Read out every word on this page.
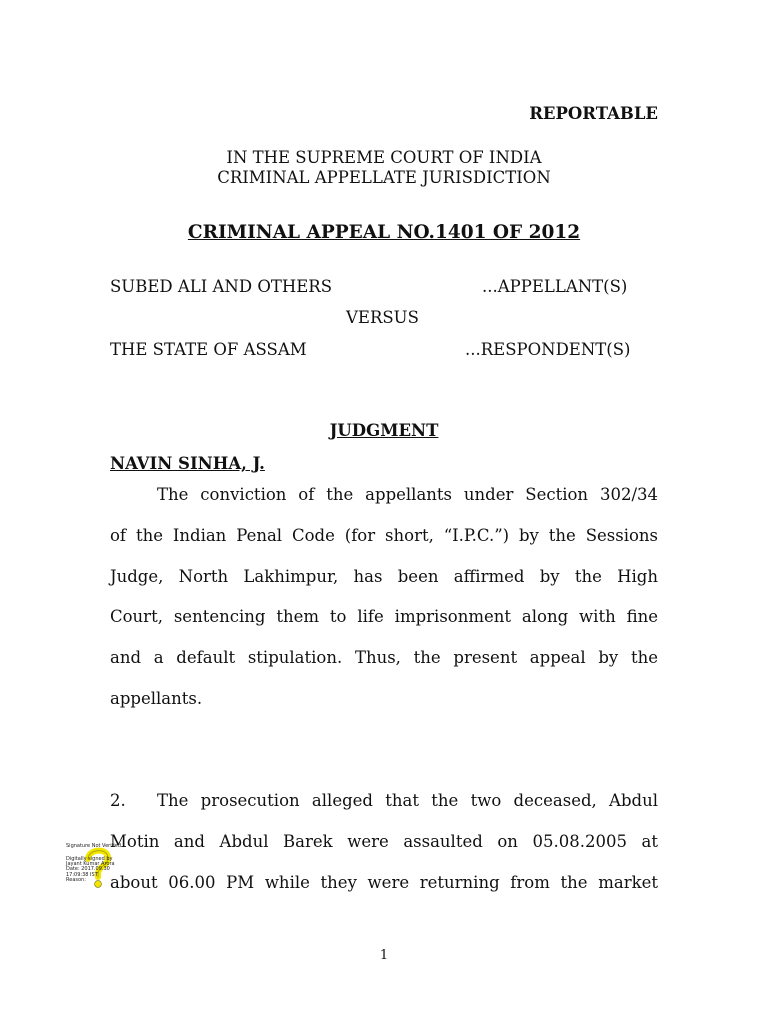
REPORTABLE
IN THE SUPREME COURT OF INDIA
CRIMINAL APPELLATE JURISDICTION
CRIMINAL APPEAL NO.1401 OF 2012
SUBED ALI AND OTHERS	...APPELLANT(S)
VERSUS
THE STATE OF ASSAM	...RESPONDENT(S)
JUDGMENT
NAVIN SINHA, J.
The conviction of the appellants under Section 302/34
of the Indian Penal Code (for short, “I.P.C.”) by the Sessions
Judge, North Lakhimpur, has been affirmed by the High
Court, sentencing them to life imprisonment along with fine
and a default stipulation. Thus, the present appeal by the
appellants.
2.	The prosecution alleged that the two deceased, Abdul
Motin and Abdul Barek were assaulted on 05.08.2005 at
about 06.00 PM while they were returning from the market
Signature Not Verified
Digitally signed by
Jayant Kumar Arora
Date: 2017.09.30
17:09:38 IST
Reason:
1
